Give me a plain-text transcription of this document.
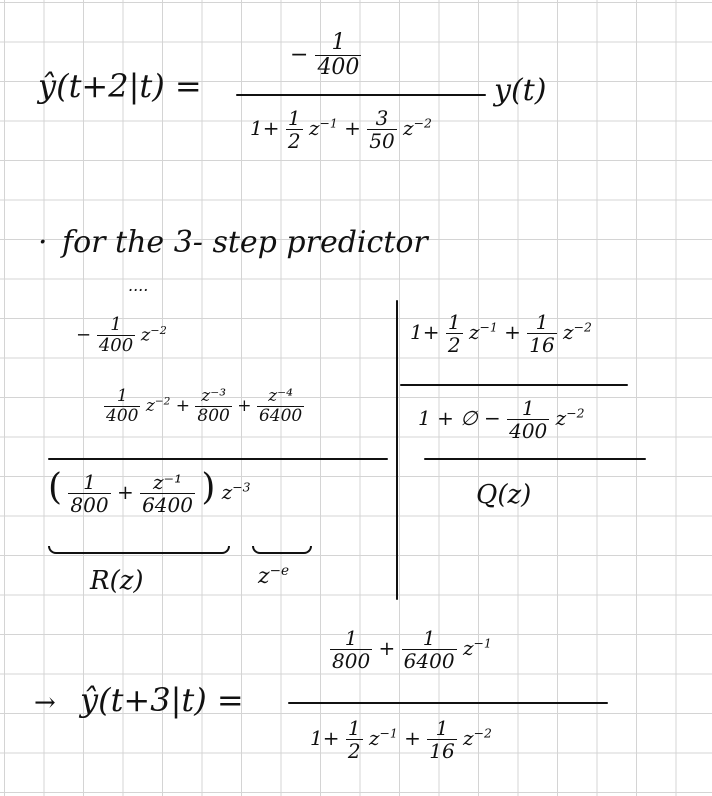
ŷ(t+2|t) =
− $\frac{1}{400}$
$1+ \frac{1}{2} z^{-1} + \frac{3}{50} z^{-2}$
y(t)
· for the 3- step predictor
....
− $\frac{1}{400} z^{-2}$
$\frac{1}{400} z^{-2} + \frac{\text{z⁻³}}{800} + \frac{\text{z⁻⁴}}{6400}$
( $\frac{1}{800} + \frac{\text{z⁻¹}}{6400}$ ) $z^{-3}$
R(z)	$z^{-e}$
$1+ \frac{1}{2} z^{-1} + \frac{1}{16} z^{-2}$
1 + ∅ − $\frac{1}{400} z^{-2}$
Q(z)
→ ŷ(t+3|t) =
$\frac{1}{800} + \frac{1}{6400} z^{-1}$
$1+ \frac{1}{2} z^{-1} + \frac{1}{16} z^{-2}$
